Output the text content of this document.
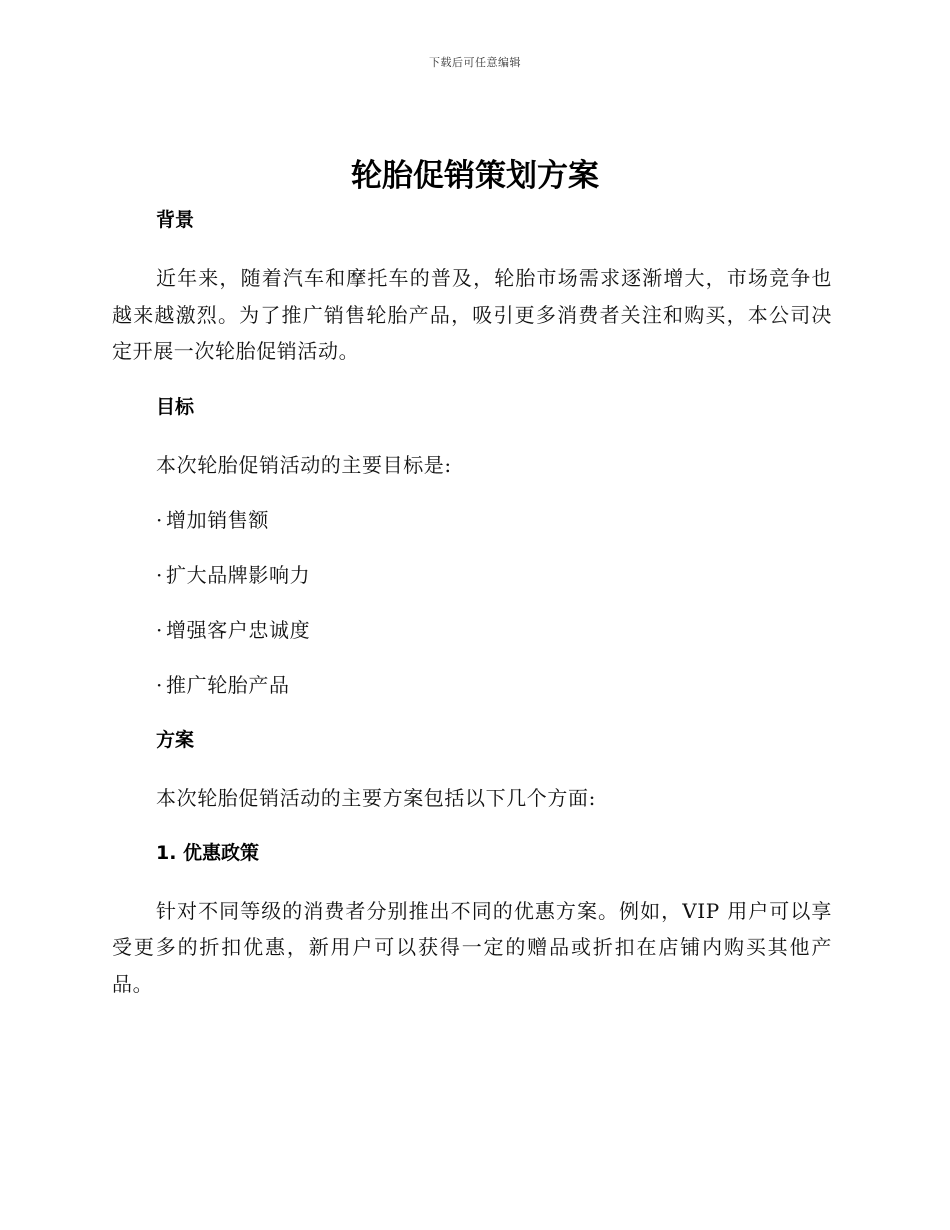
下载后可任意编辑
轮胎促销策划方案
背景

近年来，随着汽车和摩托车的普及，轮胎市场需求逐渐增大，市场竞争也越来越激烈。为了推广销售轮胎产品，吸引更多消费者关注和购买，本公司决定开展一次轮胎促销活动。

目标

本次轮胎促销活动的主要目标是:

· 增加销售额

· 扩大品牌影响力

· 增强客户忠诚度

· 推广轮胎产品

方案

本次轮胎促销活动的主要方案包括以下几个方面:

1. 优惠政策

针对不同等级的消费者分别推出不同的优惠方案。例如，VIP 用户可以享受更多的折扣优惠，新用户可以获得一定的赠品或折扣在店铺内购买其他产品。
